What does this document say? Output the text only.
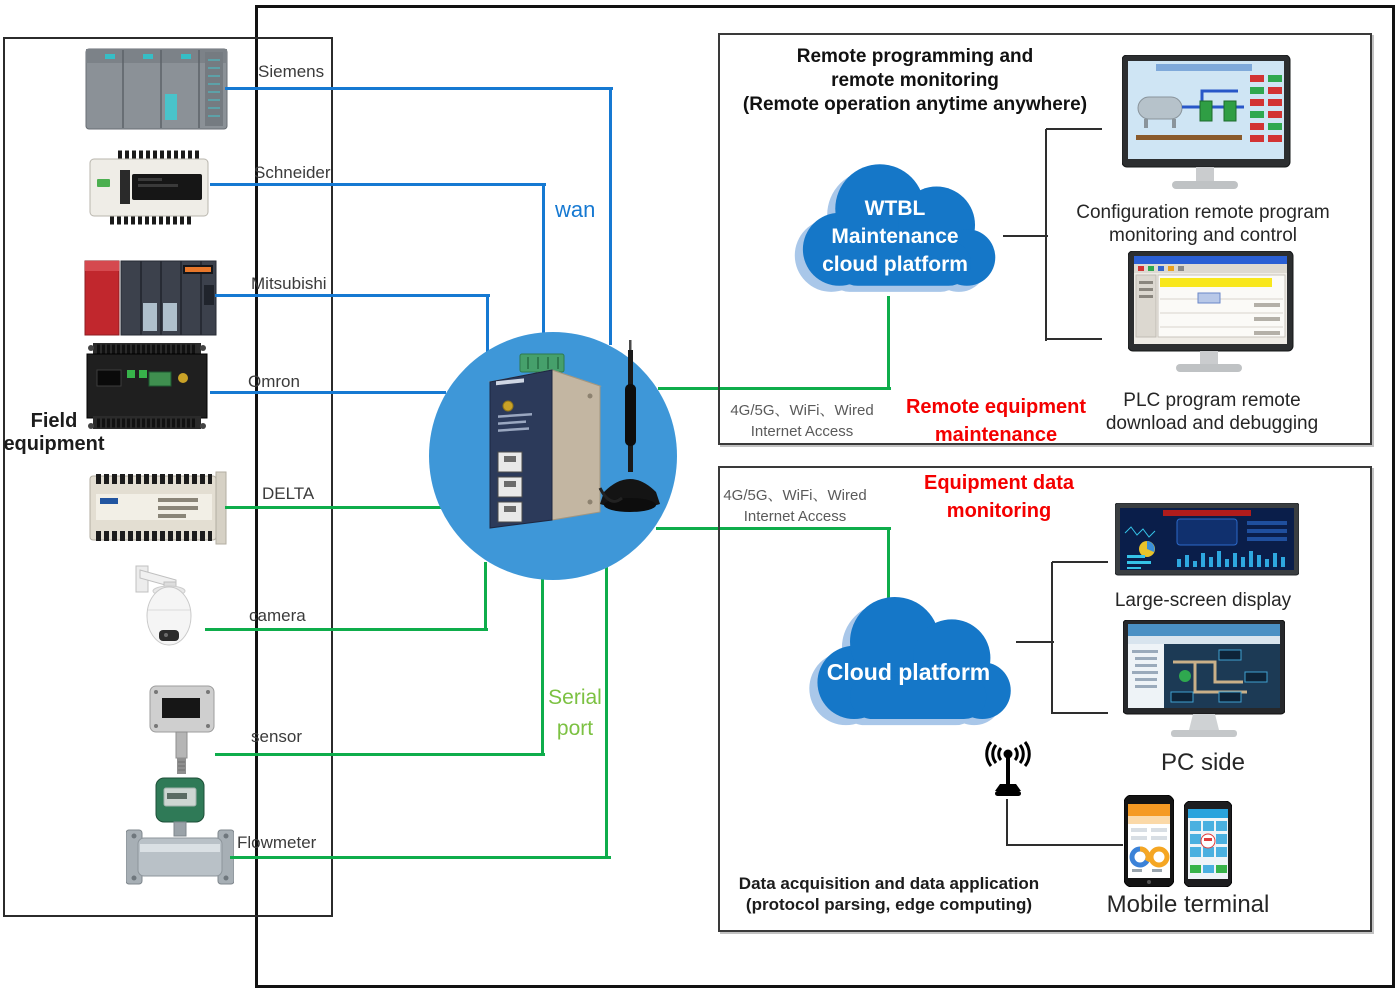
Field equipment
Siemens
Schneider
Mitsubishi
Omron
DELTA
camera
sensor
Flowmeter
wan
Serial
port
Remote programming and
remote monitoring
(Remote operation anytime anywhere)
WTBL
Maintenance
cloud platform
Configuration remote program
monitoring and control
PLC program remote
download and debugging
4G/5G、WiFi、Wired
Internet Access
Remote equipment
maintenance
4G/5G、WiFi、Wired
Internet Access
Equipment data
monitoring
Cloud platform
Large-screen display
PC side
Mobile terminal
Data acquisition and data application
(protocol parsing, edge computing)
